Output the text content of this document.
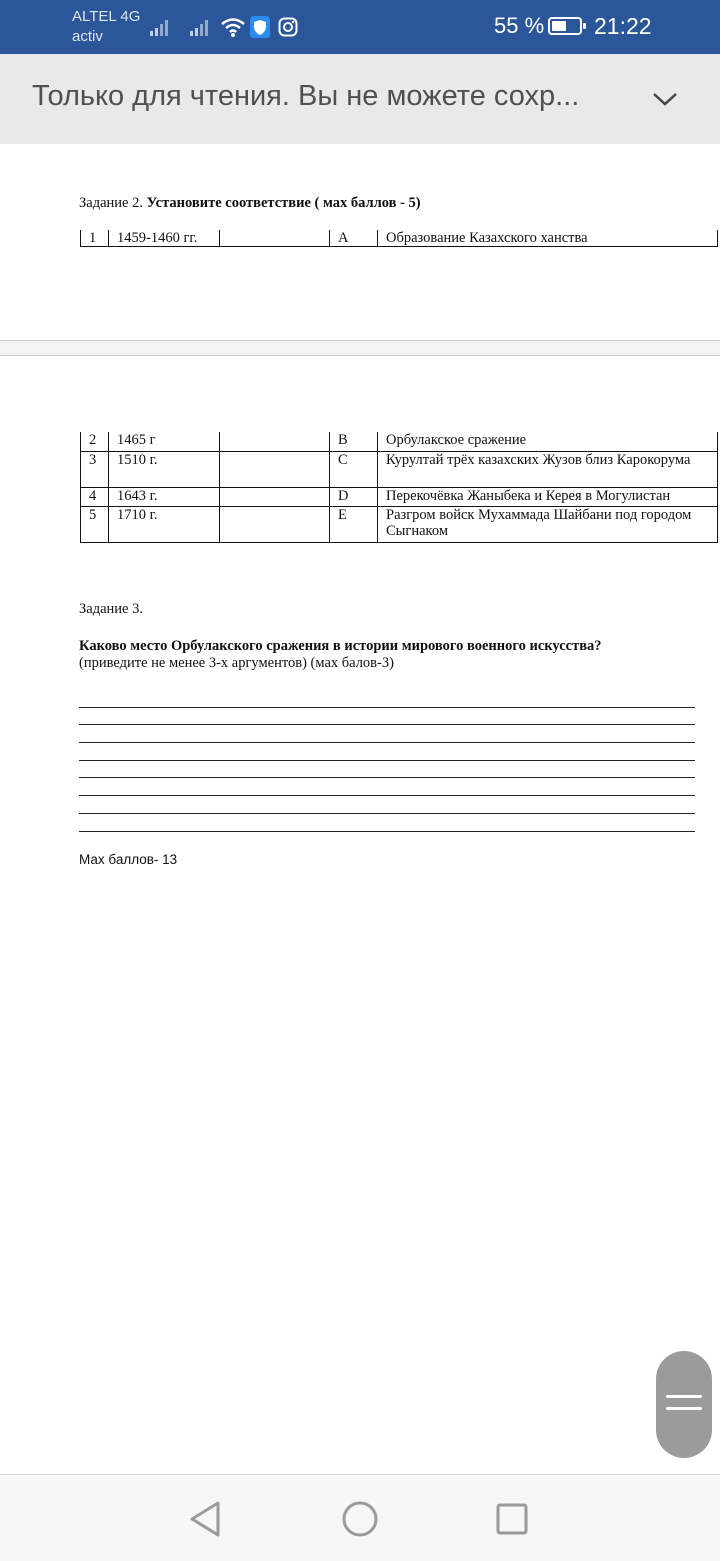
ALTEL 4G
activ	55 % 21:22
Только для чтения. Вы не можете сохр...
Задание 2. Установите соответствие ( мах баллов - 5)
1	1459-1460 гг.		A	Образование Казахского ханства
2	1465 г		B	Орбулакское сражение
3	1510 г.		C	Курултай трёх казахских Жузов близ Карокорума
4	1643 г.		D	Перекочёвка Жаныбека и Керея в Могулистан
5	1710 г.		E	Разгром войск Мухаммада Шайбани под городом Сыгнаком
Задание 3.
Каково место Орбулакского сражения в истории мирового военного искусства?
(приведите не менее 3-х аргументов) (мах балов-3)
Мах баллов- 13
